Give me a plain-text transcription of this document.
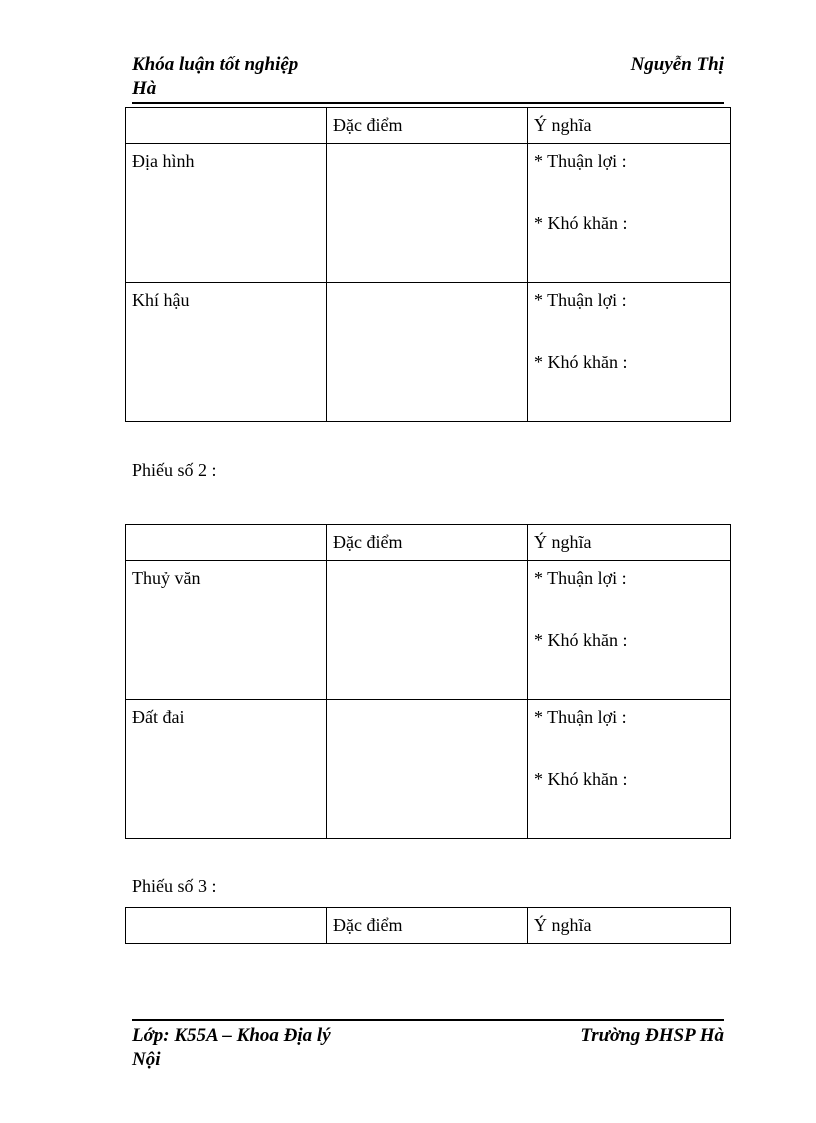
Khóa luận tốt nghiệp	Nguyễn Thị
Hà
	Đặc điểm	Ý nghĩa
Địa hình		* Thuận lợi :
* Khó khăn :

Khí hậu		* Thuận lợi :
* Khó khăn :
Phiếu số 2 :
	Đặc điểm	Ý nghĩa
Thuỷ văn		* Thuận lợi :
* Khó khăn :

Đất đai		* Thuận lợi :
* Khó khăn :
Phiếu số 3 :
	Đặc điểm	Ý nghĩa
Lớp: K55A – Khoa Địa lý	Trường ĐHSP Hà
Nội
